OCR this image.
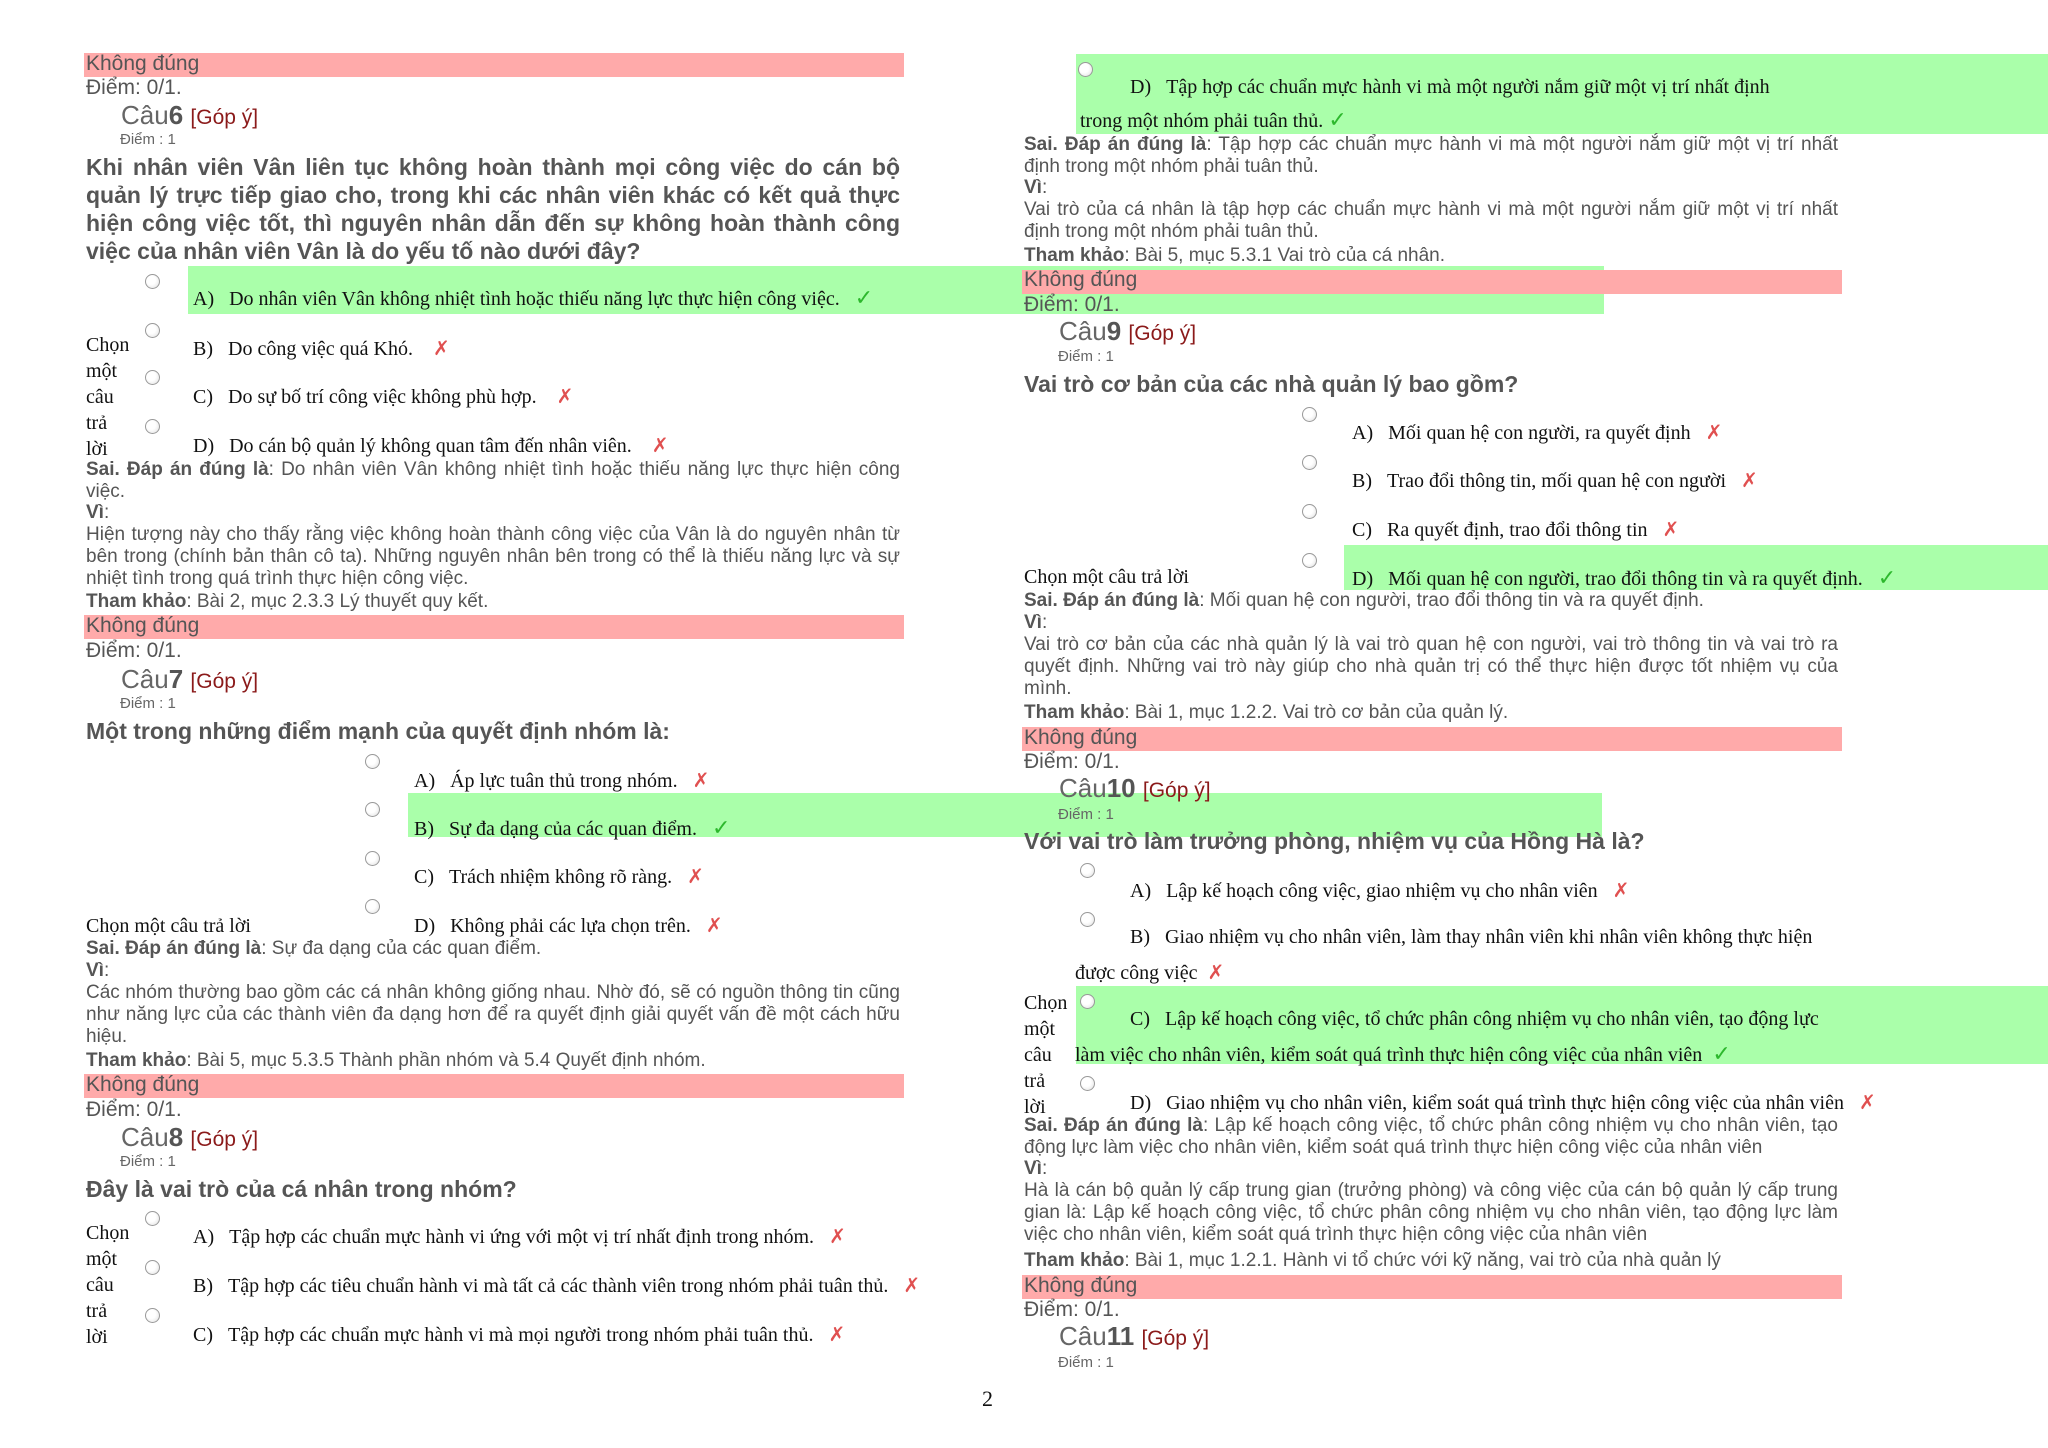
Không đúng
Điểm: 0/1.
Câu6 [Góp ý]
Điểm : 1
Khi nhân viên Vân liên tục không hoàn thành mọi công việc do cán bộ quản lý trực tiếp giao cho, trong khi các nhân viên khác có kết quả thực hiện công việc tốt, thì nguyên nhân dẫn đến sự không hoàn thành công việc của nhân viên Vân là do yếu tố nào dưới đây?
Chọn
một
câu
trả
lời
A) Do nhân viên Vân không nhiệt tình hoặc thiếu năng lực thực hiện công việc. ✓
B) Do công việc quá Khó. ✗
C) Do sự bố trí công việc không phù hợp. ✗
D) Do cán bộ quản lý không quan tâm đến nhân viên. ✗
Sai. Đáp án đúng là: Do nhân viên Vân không nhiệt tình hoặc thiếu năng lực thực hiện công việc.
Vì:
Hiện tượng này cho thấy rằng việc không hoàn thành công việc của Vân là do nguyên nhân từ bên trong (chính bản thân cô ta). Những nguyên nhân bên trong có thể là thiếu năng lực và sự nhiệt tình trong quá trình thực hiện công việc.
Tham khảo: Bài 2, mục 2.3.3 Lý thuyết quy kết.
Không đúng
Điểm: 0/1.
Câu7 [Góp ý]
Điểm : 1
Một trong những điểm mạnh của quyết định nhóm là:
Chọn một câu trả lời
A) Áp lực tuân thủ trong nhóm. ✗
B) Sự đa dạng của các quan điểm. ✓
C) Trách nhiệm không rõ ràng. ✗
D) Không phải các lựa chọn trên. ✗
Sai. Đáp án đúng là: Sự đa dạng của các quan điểm.
Vì:
Các nhóm thường bao gồm các cá nhân không giống nhau. Nhờ đó, sẽ có nguồn thông tin cũng như năng lực của các thành viên đa dạng hơn để ra quyết định giải quyết vấn đề một cách hữu hiệu.
Tham khảo: Bài 5, mục 5.3.5 Thành phần nhóm và 5.4 Quyết định nhóm.
Không đúng
Điểm: 0/1.
Câu8 [Góp ý]
Điểm : 1
Đây là vai trò của cá nhân trong nhóm?
Chọn
một
câu
trả
lời
A) Tập hợp các chuẩn mực hành vi ứng với một vị trí nhất định trong nhóm. ✗
B) Tập hợp các tiêu chuẩn hành vi mà tất cả các thành viên trong nhóm phải tuân thủ. ✗
C) Tập hợp các chuẩn mực hành vi mà mọi người trong nhóm phải tuân thủ. ✗
2
D) Tập hợp các chuẩn mực hành vi mà một người nắm giữ một vị trí nhất định
trong một nhóm phải tuân thủ. ✓
Sai. Đáp án đúng là: Tập hợp các chuẩn mực hành vi mà một người nắm giữ một vị trí nhất định trong một nhóm phải tuân thủ.
Vì:
Vai trò của cá nhân là tập hợp các chuẩn mực hành vi mà một người nắm giữ một vị trí nhất định trong một nhóm phải tuân thủ.
Tham khảo: Bài 5, mục 5.3.1 Vai trò của cá nhân.
Không đúng
Điểm: 0/1.
Câu9 [Góp ý]
Điểm : 1
Vai trò cơ bản của các nhà quản lý bao gồm?
Chọn một câu trả lời
A) Mối quan hệ con người, ra quyết định ✗
B) Trao đổi thông tin, mối quan hệ con người ✗
C) Ra quyết định, trao đổi thông tin ✗
D) Mối quan hệ con người, trao đổi thông tin và ra quyết định. ✓
Sai. Đáp án đúng là: Mối quan hệ con người, trao đổi thông tin và ra quyết định.
Vì:
Vai trò cơ bản của các nhà quản lý là vai trò quan hệ con người, vai trò thông tin và vai trò ra quyết định. Những vai trò này giúp cho nhà quản trị có thể thực hiện được tốt nhiệm vụ của mình.
Tham khảo: Bài 1, mục 1.2.2. Vai trò cơ bản của quản lý.
Không đúng
Điểm: 0/1.
Câu10 [Góp ý]
Điểm : 1
Với vai trò làm trưởng phòng, nhiệm vụ của Hồng Hà là?
Chọn
một
câu
trả
lời
A) Lập kế hoạch công việc, giao nhiệm vụ cho nhân viên ✗
B) Giao nhiệm vụ cho nhân viên, làm thay nhân viên khi nhân viên không thực hiện
được công việc ✗
C) Lập kế hoạch công việc, tổ chức phân công nhiệm vụ cho nhân viên, tạo động lực
làm việc cho nhân viên, kiểm soát quá trình thực hiện công việc của nhân viên ✓
D) Giao nhiệm vụ cho nhân viên, kiểm soát quá trình thực hiện công việc của nhân viên ✗
Sai. Đáp án đúng là: Lập kế hoạch công việc, tổ chức phân công nhiệm vụ cho nhân viên, tạo động lực làm việc cho nhân viên, kiểm soát quá trình thực hiện công việc của nhân viên
Vì:
Hà là cán bộ quản lý cấp trung gian (trưởng phòng) và công việc của cán bộ quản lý cấp trung gian là: Lập kế hoạch công việc, tổ chức phân công nhiệm vụ cho nhân viên, tạo động lực làm việc cho nhân viên, kiểm soát quá trình thực hiện công việc của nhân viên
Tham khảo: Bài 1, mục 1.2.1. Hành vi tổ chức với kỹ năng, vai trò của nhà quản lý
Không đúng
Điểm: 0/1.
Câu11 [Góp ý]
Điểm : 1
